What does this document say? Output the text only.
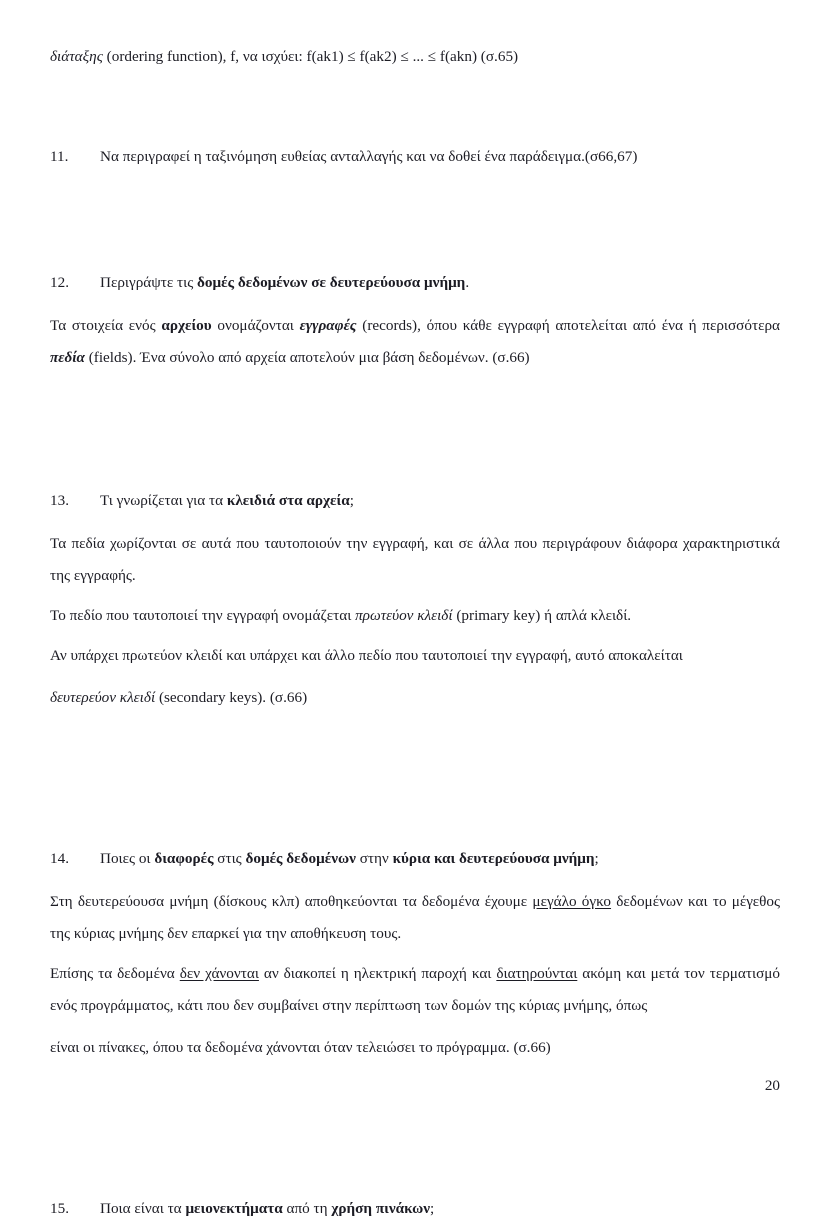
διάταξης (ordering function), f, να ισχύει: f(ak1) ≤ f(ak2) ≤ ... ≤ f(akn) (σ.65)
11. Να περιγραφεί η ταξινόμηση ευθείας ανταλλαγής και να δοθεί ένα παράδειγμα.(σ66,67)
12. Περιγράψτε τις δομές δεδομένων σε δευτερεύουσα μνήμη.
Τα στοιχεία ενός αρχείου ονομάζονται εγγραφές (records), όπου κάθε εγγραφή αποτελείται από ένα ή περισσότερα πεδία (fields). Ένα σύνολο από αρχεία αποτελούν μια βάση δεδομένων. (σ.66)
13. Τι γνωρίζεται για τα κλειδιά στα αρχεία;
Τα πεδία χωρίζονται σε αυτά που ταυτοποιούν την εγγραφή, και σε άλλα που περιγράφουν διάφορα χαρακτηριστικά της εγγραφής.
Το πεδίο που ταυτοποιεί την εγγραφή ονομάζεται πρωτεύον κλειδί (primary key) ή απλά κλειδί.
Αν υπάρχει πρωτεύον κλειδί και υπάρχει και άλλο πεδίο που ταυτοποιεί την εγγραφή, αυτό αποκαλείται
δευτερεύον κλειδί (secondary keys). (σ.66)
14. Ποιες οι διαφορές στις δομές δεδομένων στην κύρια και δευτερεύουσα μνήμη;
Στη δευτερεύουσα μνήμη (δίσκους κλπ) αποθηκεύονται τα δεδομένα έχουμε μεγάλο όγκο δεδομένων και το μέγεθος της κύριας μνήμης δεν επαρκεί για την αποθήκευση τους.
Επίσης τα δεδομένα δεν χάνονται αν διακοπεί η ηλεκτρική παροχή και διατηρούνται ακόμη και μετά τον τερματισμό ενός προγράμματος, κάτι που δεν συμβαίνει στην περίπτωση των δομών της κύριας μνήμης, όπως
είναι οι πίνακες, όπου τα δεδομένα χάνονται όταν τελειώσει το πρόγραμμα. (σ.66)
15. Ποια είναι τα μειονεκτήματα από τη χρήση πινάκων;
20
